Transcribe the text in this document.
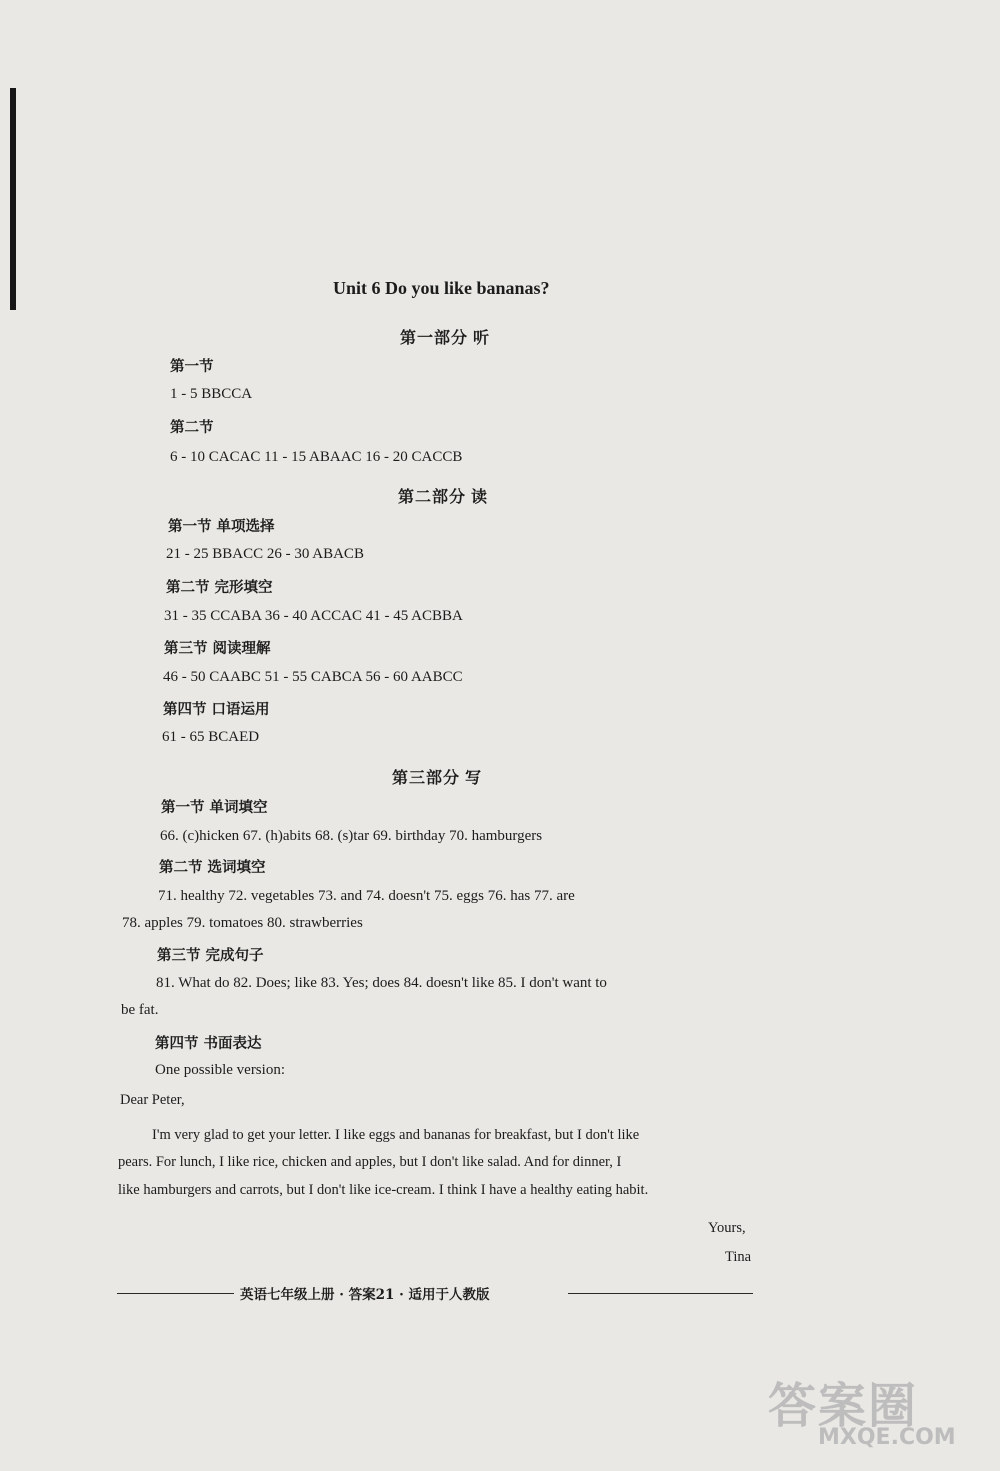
Unit 6 Do you like bananas?
第一部分 听
第一节
1 - 5 BBCCA
第二节
6 - 10 CACAC 11 - 15 ABAAC 16 - 20 CACCB
第二部分 读
第一节 单项选择
21 - 25 BBACC 26 - 30 ABACB
第二节 完形填空
31 - 35 CCABA 36 - 40 ACCAC 41 - 45 ACBBA
第三节 阅读理解
46 - 50 CAABC 51 - 55 CABCA 56 - 60 AABCC
第四节 口语运用
61 - 65 BCAED
第三部分 写
第一节 单词填空
66. (c)hicken 67. (h)abits 68. (s)tar 69. birthday 70. hamburgers
第二节 选词填空
71. healthy 72. vegetables 73. and 74. doesn't 75. eggs 76. has 77. are
78. apples 79. tomatoes 80. strawberries
第三节 完成句子
81. What do 82. Does; like 83. Yes; does 84. doesn't like 85. I don't want to
be fat.
第四节 书面表达
One possible version:
Dear Peter,
I'm very glad to get your letter. I like eggs and bananas for breakfast, but I don't like
pears. For lunch, I like rice, chicken and apples, but I don't like salad. And for dinner, I
like hamburgers and carrots, but I don't like ice-cream. I think I have a healthy eating habit.
Yours,
Tina
英语七年级上册 · 答案21 · 适用于人教版
答案圈
MXQE.COM
